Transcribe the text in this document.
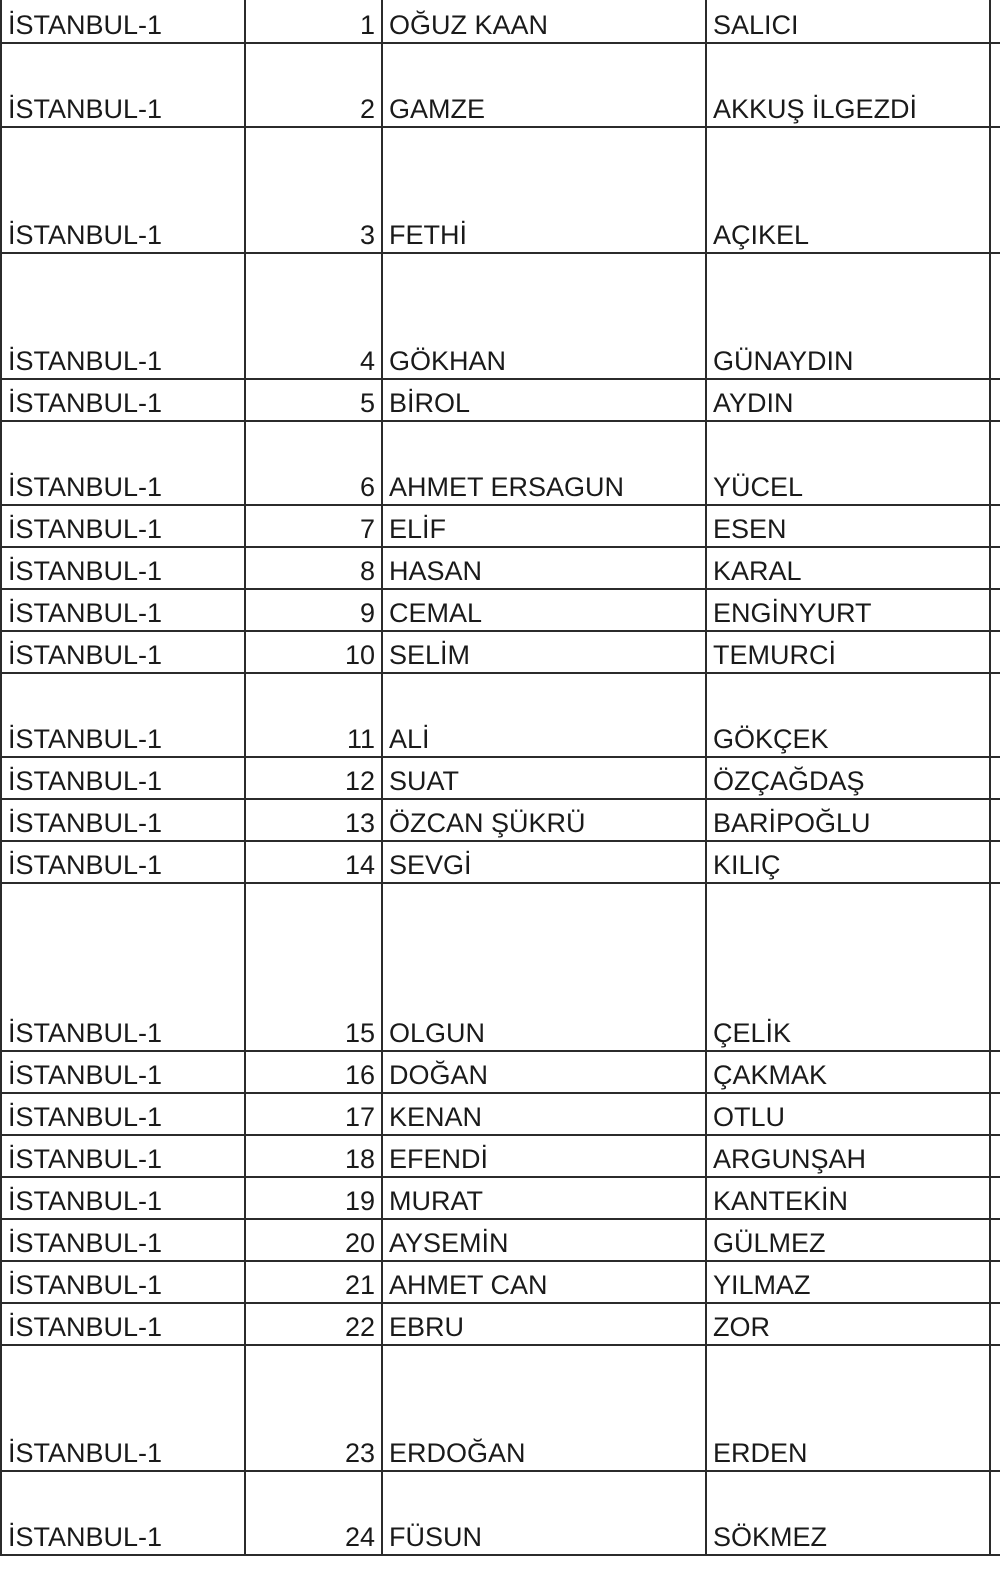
İSTANBUL-1	1	OĞUZ KAAN	SALICI	
İSTANBUL-1	2	GAMZE	AKKUŞ İLGEZDİ	
İSTANBUL-1	3	FETHİ	AÇIKEL	
İSTANBUL-1	4	GÖKHAN	GÜNAYDIN	
İSTANBUL-1	5	BİROL	AYDIN	
İSTANBUL-1	6	AHMET ERSAGUN	YÜCEL	
İSTANBUL-1	7	ELİF	ESEN	
İSTANBUL-1	8	HASAN	KARAL	
İSTANBUL-1	9	CEMAL	ENGİNYURT	
İSTANBUL-1	10	SELİM	TEMURCİ	
İSTANBUL-1	11	ALİ	GÖKÇEK	
İSTANBUL-1	12	SUAT	ÖZÇAĞDAŞ	
İSTANBUL-1	13	ÖZCAN ŞÜKRÜ	BARİPOĞLU	
İSTANBUL-1	14	SEVGİ	KILIÇ	
İSTANBUL-1	15	OLGUN	ÇELİK	
İSTANBUL-1	16	DOĞAN	ÇAKMAK	
İSTANBUL-1	17	KENAN	OTLU	
İSTANBUL-1	18	EFENDİ	ARGUNŞAH	
İSTANBUL-1	19	MURAT	KANTEKİN	
İSTANBUL-1	20	AYSEMİN	GÜLMEZ	
İSTANBUL-1	21	AHMET CAN	YILMAZ	
İSTANBUL-1	22	EBRU	ZOR	
İSTANBUL-1	23	ERDOĞAN	ERDEN	
İSTANBUL-1	24	FÜSUN	SÖKMEZ	
